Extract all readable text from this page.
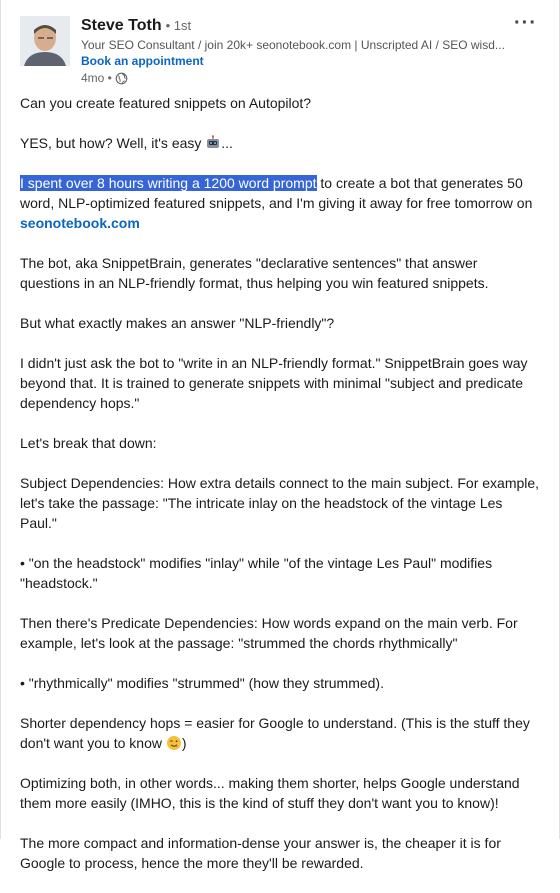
Steve Toth • 1st
Your SEO Consultant / join 20k+ seonotebook.com | Unscripted AI / SEO wisd...
Book an appointment
4mo •
···

Can you create featured snippets on Autopilot?

YES, but how? Well, it's easy ...

I spent over 8 hours writing a 1200 word prompt to create a bot that generates 50 word, NLP-optimized featured snippets, and I'm giving it away for free tomorrow on seonotebook.com

The bot, aka SnippetBrain, generates "declarative sentences" that answer questions in an NLP-friendly format, thus helping you win featured snippets.

But what exactly makes an answer "NLP-friendly"?

I didn't just ask the bot to "write in an NLP-friendly format." SnippetBrain goes way beyond that. It is trained to generate snippets with minimal "subject and predicate dependency hops."

Let's break that down:

Subject Dependencies: How extra details connect to the main subject. For example, let's take the passage: "The intricate inlay on the headstock of the vintage Les Paul."

• "on the headstock" modifies "inlay" while "of the vintage Les Paul" modifies "headstock."

Then there's Predicate Dependencies: How words expand on the main verb. For example, let's look at the passage: "strummed the chords rhythmically"

• "rhythmically" modifies "strummed" (how they strummed).

Shorter dependency hops = easier for Google to understand. (This is the stuff they don't want you to know )

Optimizing both, in other words... making them shorter, helps Google understand them more easily (IMHO, this is the kind of stuff they don't want you to know)!

The more compact and information-dense your answer is, the cheaper it is for Google to process, hence the more they'll be rewarded.
